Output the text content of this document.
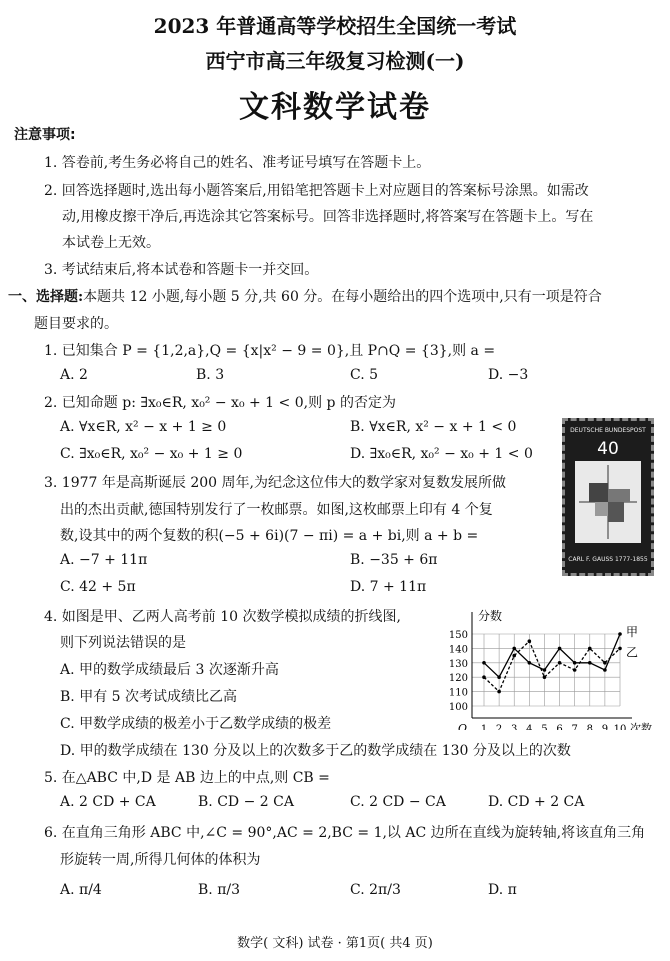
2023 年普通高等学校招生全国统一考试
西宁市高三年级复习检测(一)
文科数学试卷
注意事项:
1. 答卷前,考生务必将自己的姓名、准考证号填写在答题卡上。
2. 回答选择题时,选出每小题答案后,用铅笔把答题卡上对应题目的答案标号涂黑。如需改
动,用橡皮擦干净后,再选涂其它答案标号。回答非选择题时,将答案写在答题卡上。写在
本试卷上无效。
3. 考试结束后,将本试卷和答题卡一并交回。
一、选择题:本题共 12 小题,每小题 5 分,共 60 分。在每小题给出的四个选项中,只有一项是符合
题目要求的。
1. 已知集合 P = {1,2,a},Q = {x|x² − 9 = 0},且 P∩Q = {3},则 a =
A. 2	B. 3	C. 5	D. −3
2. 已知命题 p: ∃x₀∈R, x₀² − x₀ + 1 < 0,则 p 的否定为
A. ∀x∈R, x² − x + 1 ≥ 0	B. ∀x∈R, x² − x + 1 < 0
C. ∃x₀∈R, x₀² − x₀ + 1 ≥ 0	D. ∃x₀∈R, x₀² − x₀ + 1 < 0
3. 1977 年是高斯诞辰 200 周年,为纪念这位伟大的数学家对复数发展所做
出的杰出贡献,德国特别发行了一枚邮票。如图,这枚邮票上印有 4 个复
数,设其中的两个复数的积(−5 + 6i)(7 − πi) = a + bi,则 a + b =
A. −7 + 11π	B. −35 + 6π
C. 42 + 5π	D. 7 + 11π
DEUTSCHE BUNDESPOST
40
CARL F. GAUSS 1777-1855
4. 如图是甲、乙两人高考前 10 次数学模拟成绩的折线图,
则下列说法错误的是
A. 甲的数学成绩最后 3 次逐渐升高
B. 甲有 5 次考试成绩比乙高
C. 甲数学成绩的极差小于乙数学成绩的极差
D. 甲的数学成绩在 130 分及以上的次数多于乙的数学成绩在 130 分及以上的次数
分数
次数
O
100
110
120
130
140
150
1 2 3 4 5 6 7 8 9 10
甲
乙
5. 在△ABC 中,D 是 AB 边上的中点,则 CB =
A. 2 CD + CA	B. CD − 2 CA	C. 2 CD − CA	D. CD + 2 CA
6. 在直角三角形 ABC 中,∠C = 90°,AC = 2,BC = 1,以 AC 边所在直线为旋转轴,将该直角三角
形旋转一周,所得几何体的体积为
A. π/4	B. π/3	C. 2π/3	D. π
数学( 文科) 试卷 · 第1页( 共4 页)
